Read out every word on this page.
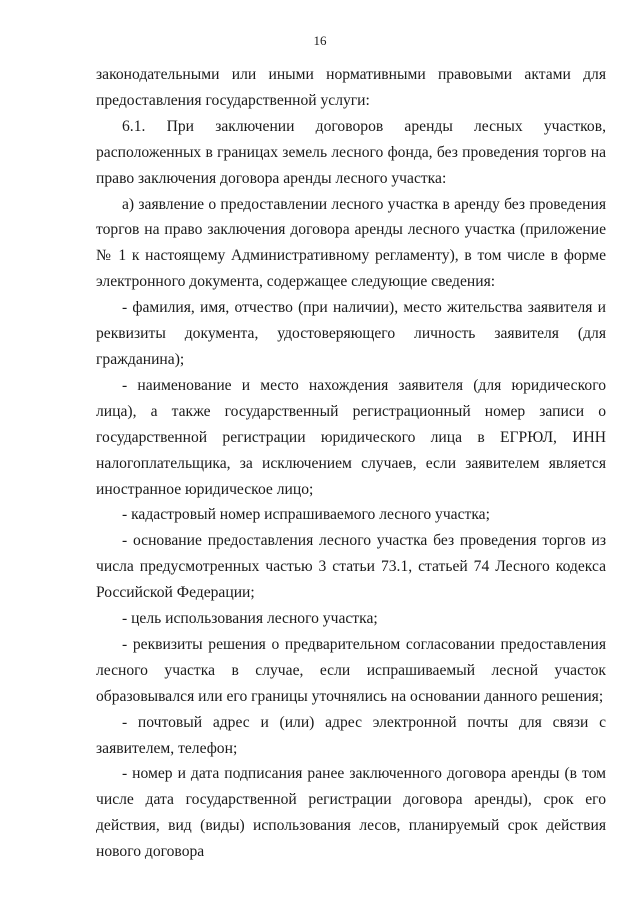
16

законодательными или иными нормативными правовыми актами для предоставления государственной услуги:

6.1. При заключении договоров аренды лесных участков, расположенных в границах земель лесного фонда, без проведения торгов на право заключения договора аренды лесного участка:

а) заявление о предоставлении лесного участка в аренду без проведения торгов на право заключения договора аренды лесного участка (приложение № 1 к настоящему Административному регламенту), в том числе в форме электронного документа, содержащее следующие сведения:

- фамилия, имя, отчество (при наличии), место жительства заявителя и реквизиты документа, удостоверяющего личность заявителя (для гражданина);

- наименование и место нахождения заявителя (для юридического лица), а также государственный регистрационный номер записи о государственной регистрации юридического лица в ЕГРЮЛ, ИНН налогоплательщика, за исключением случаев, если заявителем является иностранное юридическое лицо;

- кадастровый номер испрашиваемого лесного участка;

- основание предоставления лесного участка без проведения торгов из числа предусмотренных частью 3 статьи 73.1, статьей 74 Лесного кодекса Российской Федерации;

- цель использования лесного участка;

- реквизиты решения о предварительном согласовании предоставления лесного участка в случае, если испрашиваемый лесной участок образовывался или его границы уточнялись на основании данного решения;

- почтовый адрес и (или) адрес электронной почты для связи с заявителем, телефон;

- номер и дата подписания ранее заключенного договора аренды (в том числе дата государственной регистрации договора аренды), срок его действия, вид (виды) использования лесов, планируемый срок действия нового договора
